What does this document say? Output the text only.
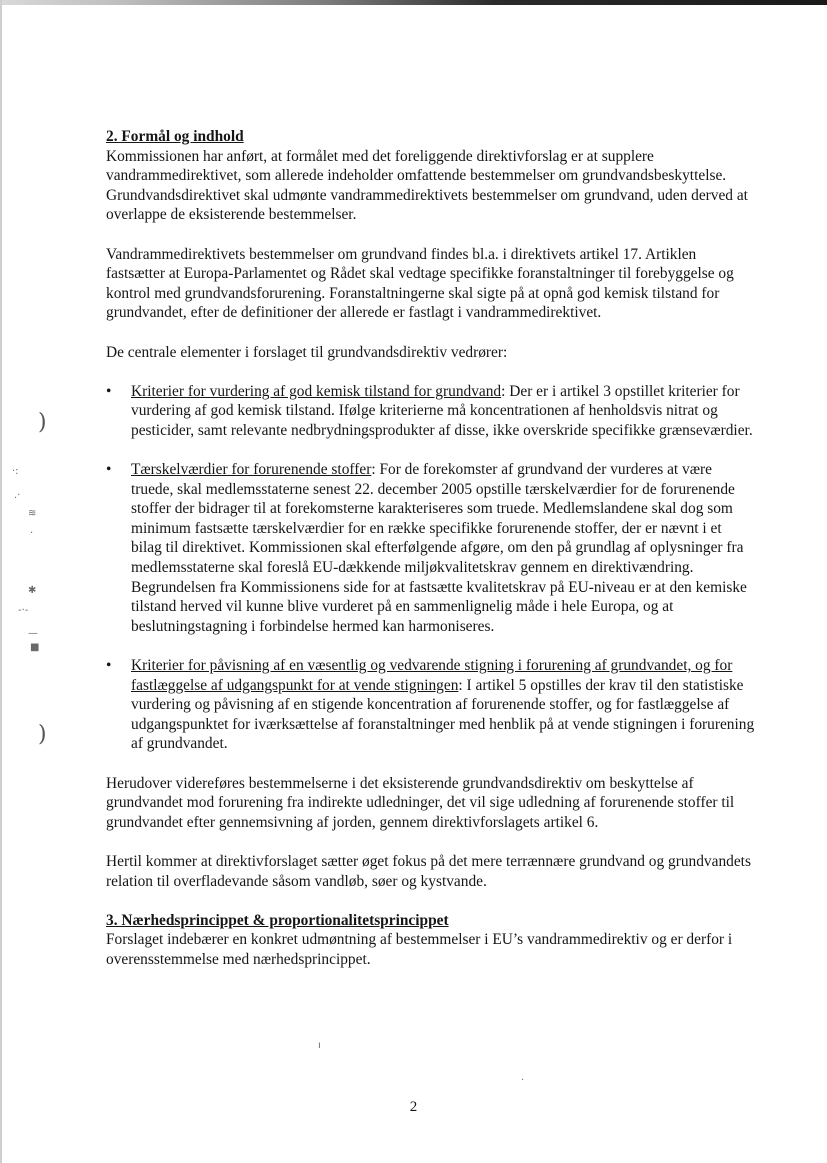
)
)
·:
.·
≋
·
✱
-·-
—
■
ı
·

2. Formål og indhold

Kommissionen har anført, at formålet med det foreliggende direktivforslag er at supplere vandrammedirektivet, som allerede indeholder omfattende bestemmelser om grundvandsbeskyttelse. Grundvandsdirektivet skal udmønte vandrammedirektivets bestemmelser om grundvand, uden derved at overlappe de eksisterende bestemmelser.

Vandrammedirektivets bestemmelser om grundvand findes bl.a. i direktivets artikel 17. Artiklen fastsætter at Europa-Parlamentet og Rådet skal vedtage specifikke foranstaltninger til forebyggelse og kontrol med grundvandsforurening. Foranstaltningerne skal sigte på at opnå god kemisk tilstand for grundvandet, efter de definitioner der allerede er fastlagt i vandrammedirektivet.

De centrale elementer i forslaget til grundvandsdirektiv vedrører:

• Kriterier for vurdering af god kemisk tilstand for grundvand: Der er i artikel 3 opstillet kriterier for vurdering af god kemisk tilstand. Ifølge kriterierne må koncentrationen af henholdsvis nitrat og pesticider, samt relevante nedbrydningsprodukter af disse, ikke overskride specifikke grænseværdier.
• Tærskelværdier for forurenende stoffer: For de forekomster af grundvand der vurderes at være truede, skal medlemsstaterne senest 22. december 2005 opstille tærskelværdier for de forurenende stoffer der bidrager til at forekomsterne karakteriseres som truede. Medlemslandene skal dog som minimum fastsætte tærskelværdier for en række specifikke forurenende stoffer, der er nævnt i et bilag til direktivet. Kommissionen skal efterfølgende afgøre, om den på grundlag af oplysninger fra medlemsstaterne skal foreslå EU-dækkende miljøkvalitetskrav gennem en direktivændring. Begrundelsen fra Kommissionens side for at fastsætte kvalitetskrav på EU-niveau er at den kemiske tilstand herved vil kunne blive vurderet på en sammenlignelig måde i hele Europa, og at beslutningstagning i forbindelse hermed kan harmoniseres.
• Kriterier for påvisning af en væsentlig og vedvarende stigning i forurening af grundvandet, og for fastlæggelse af udgangspunkt for at vende stigningen: I artikel 5 opstilles der krav til den statistiske vurdering og påvisning af en stigende koncentration af forurenende stoffer, og for fastlæggelse af udgangspunktet for iværksættelse af foranstaltninger med henblik på at vende stigningen i forurening af grundvandet.

Herudover videreføres bestemmelserne i det eksisterende grundvandsdirektiv om beskyttelse af grundvandet mod forurening fra indirekte udledninger, det vil sige udledning af forurenende stoffer til grundvandet efter gennemsivning af jorden, gennem direktivforslagets artikel 6.

Hertil kommer at direktivforslaget sætter øget fokus på det mere terrænnære grundvand og grundvandets relation til overfladevande såsom vandløb, søer og kystvande.

3. Nærhedsprincippet & proportionalitetsprincippet

Forslaget indebærer en konkret udmøntning af bestemmelser i EU’s vandrammedirektiv og er derfor i overensstemmelse med nærhedsprincippet.

2
